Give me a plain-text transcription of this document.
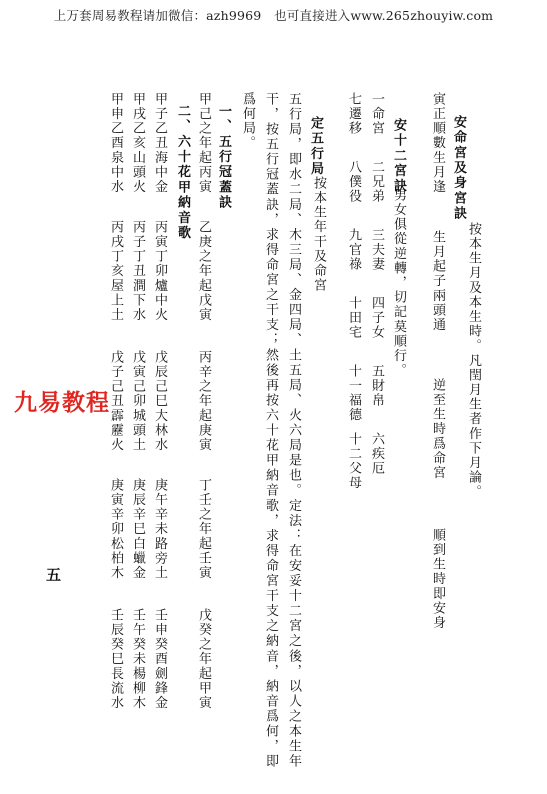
上万套周易教程请加微信：azh9969　也可直接进入www.265zhouyiw.com
安命宮及身宮訣
按本生月及本生時。凡閏月生者作下月論。
寅正順數生月逢
生月起子兩頭通
逆至生時爲命宮
順到生時即安身
安十二宮訣
男女俱從逆轉，切記莫順行。
一命宮
二兄弟
三夫妻
四子女
五財帛
六疾厄
七遷移
八僕役
九官祿
十田宅
十一福德
十二父母
定五行局
按本生年干及命宮
五行局，即水二局、木三局、金四局、土五局、火六局是也。定法：在安妥十二宮之後，以人之本生年
干，按五行冠蓋訣，求得命宮之干支；然後再按六十花甲納音歌，求得命宮干支之納音，納音爲何，即
爲何局。
一、五行冠蓋訣
甲己之年起丙寅
乙庚之年起戊寅
丙辛之年起庚寅
丁壬之年起壬寅
戊癸之年起甲寅
二、六十花甲納音歌
甲子乙丑海中金
丙寅丁卯爐中火
戊辰己巳大林水
庚午辛未路旁土
壬申癸酉劍鋒金
甲戌乙亥山頭火
丙子丁丑澗下水
戊寅己卯城頭土
庚辰辛巳白蠟金
壬午癸未楊柳木
甲申乙酉泉中水
丙戌丁亥屋上土
戊子己丑霹靂火
庚寅辛卯松柏木
壬辰癸巳長流水
九易教程
五
